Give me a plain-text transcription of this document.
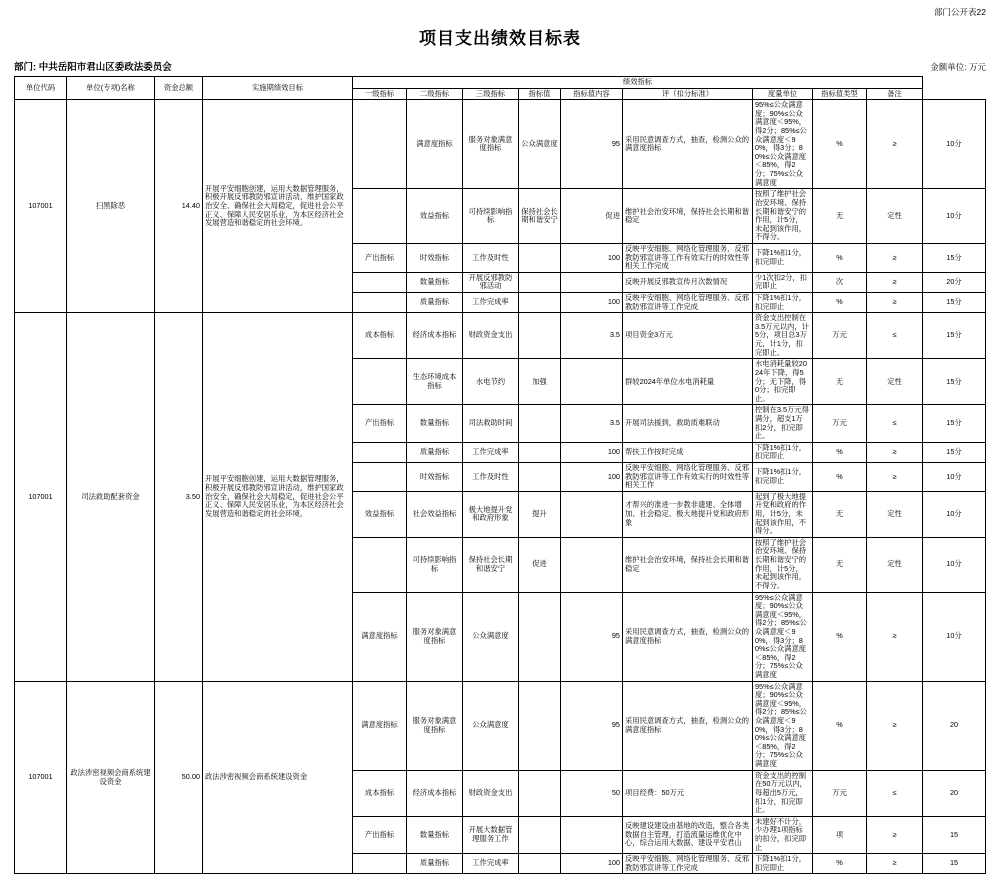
部门公开表22
项目支出绩效目标表
部门: 中共岳阳市君山区委政法委员会	金额单位: 万元
单位代码	单位(专项)名称	资金总额	实施期绩效目标	绩效指标									
				一级指标	二级指标	三级指标	指标值	指标值内容	评（扣分标准）	度量单位	指标值类型	备注	
107001	扫黑除恶	14.40	开展平安细胞创建，运用大数据管理服务，积极开展反邪教防邪宣讲活动，维护国家政治安全、确保社会大局稳定，促进社会公平正义、保障人民安居乐业，为本区经济社会发展营造和谐稳定的社会环境。		满意度指标	服务对象满意度指标	公众满意度	95	采用民意调查方式，抽查，检测公众的满意度指标	95%≤公众满意度；90%≤公众满意度＜95%，得2分；85%≤公众满意度＜90%，得3分；80%≤公众满意度＜85%，得2分；75%≤公众满意度	%	≥	10分
					效益指标	可持续影响指标	保持社会长期和谐安宁	促进	维护社会治安环境，保持社会长期和谐稳定	按照了维护社会治安环境、保持长期和谐安宁的作用，计5分，未起到该作用，不得分。	无	定性	10分
				产出指标	时效指标	工作及时性		100	反映平安细胞、网络化管理服务、反邪教防邪宣讲等工作有效实行的时效性等相关工作完成	下降1%扣1分，扣完即止	%	≥	15分
					数量指标	开展反邪教防邪活动			反映开展反邪教宣传月次数情况	少1次扣2分，扣完即止	次	≥	20分
					质量指标	工作完成率		100	反映平安细胞、网络化管理服务、反邪教防邪宣讲等工作完成	下降1%扣1分，扣完即止	%	≥	15分
107001	司法救助配套资金	3.50	开展平安细胞创建，运用大数据管理服务，积极开展反邪教防邪宣讲活动，维护国家政治安全、确保社会大局稳定，促进社会公平正义、保障人民安居乐业，为本区经济社会发展营造和谐稳定的社会环境。	成本指标	经济成本指标	财政资金支出		3.5	项目资金3万元	资金支出控制在3.5万元以内，计5分，项目总3万元，计1分，扣完即止。	万元	≤	15分
					生态环境成本指标	水电节约	加强		群较2024年单位水电消耗量	水电消耗量较2024年下降，得5分；无下降，得0分；扣完即止。	无	定性	15分
				产出指标	数量指标	司法救助时间		3.5	开展司法援到，救助质难联动	控制在3.5万元得满分，超支1万扣2分，扣完即止。	万元	≤	15分
					质量指标	工作完成率		100	帮扶工作按时完成	下降1%扣1分，扣完即止	%	≥	15分
					时效指标	工作及时性		100	反映平安细胞、网络化管理服务、反邪教防邪宣讲等工作有效实行的时效性等相关工作	下降1%扣1分，扣完即止	%	≥	10分
				效益指标	社会效益指标	极大地提升党和政府形象	提升		才帮兴的准进一步教非遗建、全体增加、社会稳定、极大地提升党和政府形象	起到了极大地提升党和政府的作用，计5分，未起到该作用，不得分。	无	定性	10分
					可持续影响指标	保持社会长期和谐安宁	促进		维护社会治安环境，保持社会长期和谐稳定	按照了维护社会治安环境、保持长期和谐安宁的作用，计5分，未起到该作用，不得分。	无	定性	10分
				满意度指标	服务对象满意度指标	公众满意度		95	采用民意调查方式，抽查，检测公众的满意度指标	95%≤公众满意度；90%≤公众满意度＜95%，得2分；85%≤公众满意度＜90%，得3分；80%≤公众满意度＜85%，得2分；75%≤公众满意度	%	≥	10分
107001	政法涉密视频会商系统建设资金	50.00	政法涉密视频会商系统建设资金	满意度指标	服务对象满意度指标	公众满意度		95	采用民意调查方式，抽查，检测公众的满意度指标	95%≤公众满意度；90%≤公众满意度＜95%，得2分；85%≤公众满意度＜90%，得3分；80%≤公众满意度＜85%，得2分；75%≤公众满意度	%	≥	20
				成本指标	经济成本指标	财政资金支出		50	项目经费：50万元	资金支出的控制在50万元以内，每超出5万元，扣1分，扣完即止。	万元	≤	20
				产出指标	数量指标	开展大数据管理服务工作			反映建设建设由基地的改造，整合各类数据自主管理，打造流量运维优化中心，综合运用大数据、建设平安君山	未建好不计分，少办理1项指标的扣分，扣完即止	项	≥	15
					质量指标	工作完成率		100	反映平安细胞、网络化管理服务、反邪教防邪宣讲等工作完成	下降1%扣1分，扣完即止	%	≥	15
